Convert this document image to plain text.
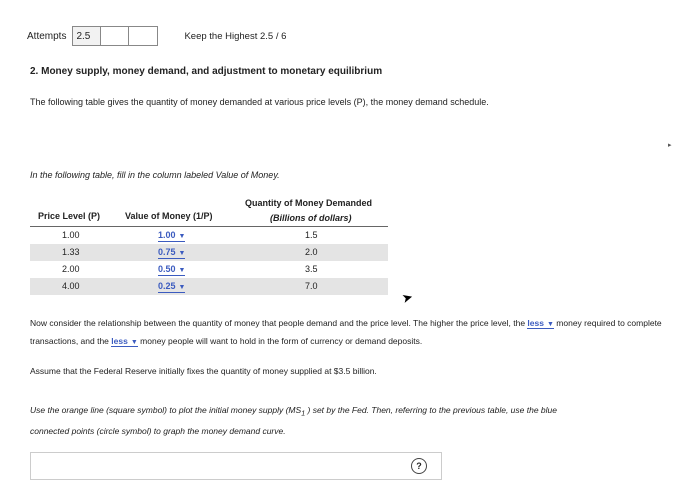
Attempts	2.5	Keep the Highest 2.5 / 6
2. Money supply, money demand, and adjustment to monetary equilibrium
The following table gives the quantity of money demanded at various price levels (P), the money demand schedule.
▸
In the following table, fill in the column labeled Value of Money.
Quantity of Money Demanded
(Billions of dollars)
Price Level (P)	Value of Money (1/P)
1.00	1.00 ▼	1.5
1.33	0.75 ▼	2.0
2.00	0.50 ▼	3.5
4.00	0.25 ▼	7.0
➤
Now consider the relationship between the quantity of money that people demand and the price level. The higher the price level, the less ▼ money required to complete transactions, and the less ▼ money people will want to hold in the form of currency or demand deposits.
Assume that the Federal Reserve initially fixes the quantity of money supplied at $3.5 billion.
Use the orange line (square symbol) to plot the initial money supply ($MS_1$ ) set by the Fed. Then, referring to the previous table, use the blue
connected points (circle symbol) to graph the money demand curve.
?
